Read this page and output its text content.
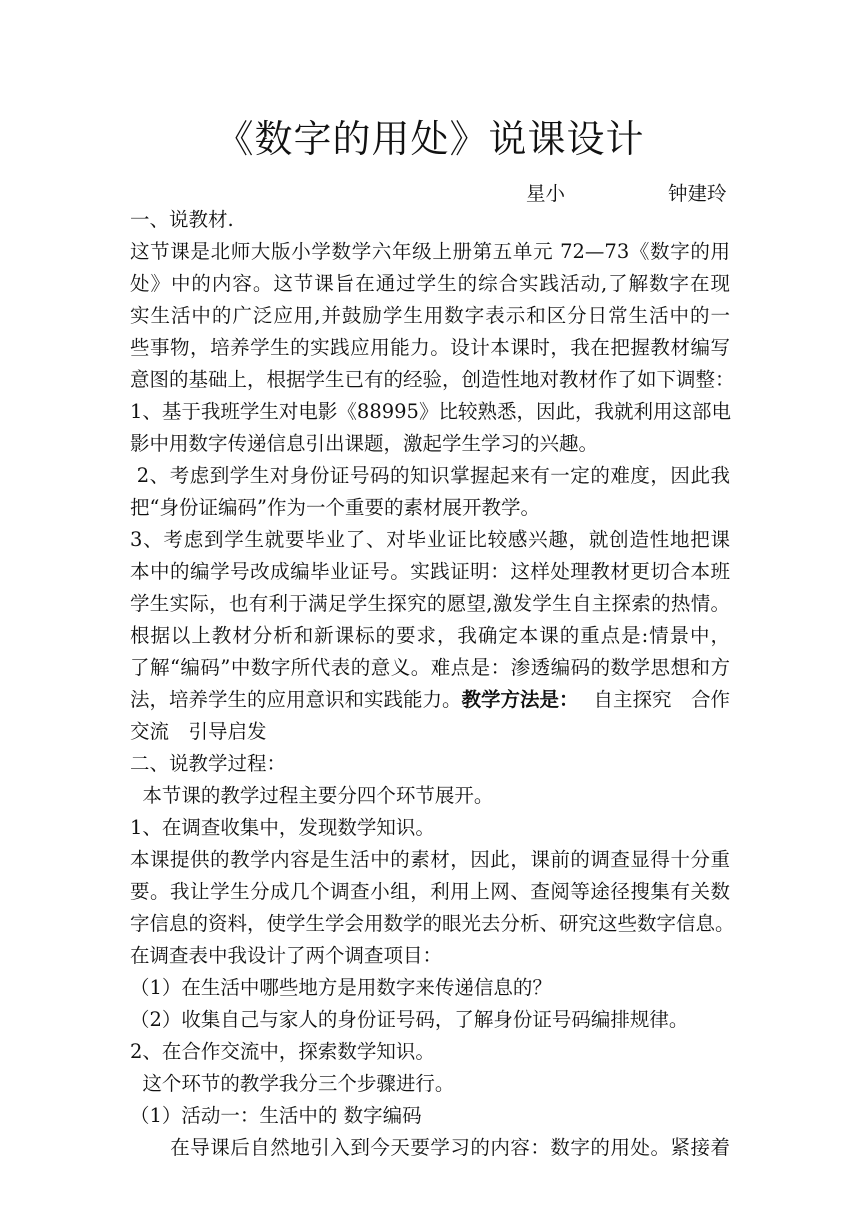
《数字的用处》说课设计
星小	钟建玲
一、说教材.
这节课是北师大版小学数学六年级上册第五单元 72—73《数字的用
处》中的内容。这节课旨在通过学生的综合实践活动,了解数字在现
实生活中的广泛应用,并鼓励学生用数字表示和区分日常生活中的一
些事物，培养学生的实践应用能力。设计本课时，我在把握教材编写
意图的基础上，根据学生已有的经验，创造性地对教材作了如下调整：
1、基于我班学生对电影《88995》比较熟悉，因此，我就利用这部电
影中用数字传递信息引出课题，激起学生学习的兴趣。
2、考虑到学生对身份证号码的知识掌握起来有一定的难度，因此我
把“身份证编码”作为一个重要的素材展开教学。
3、考虑到学生就要毕业了、对毕业证比较感兴趣，就创造性地把课
本中的编学号改成编毕业证号。实践证明：这样处理教材更切合本班
学生实际，也有利于满足学生探究的愿望,激发学生自主探索的热情。
根据以上教材分析和新课标的要求，我确定本课的重点是:情景中，
了解“编码”中数字所代表的意义。难点是：渗透编码的数学思想和方
法，培养学生的应用意识和实践能力。 教学方法是： 自主探究　合作
交流　引导启发
二、说教学过程：
本节课的教学过程主要分四个环节展开。
1、在调查收集中，发现数学知识。
本课提供的教学内容是生活中的素材，因此，课前的调查显得十分重
要。我让学生分成几个调查小组，利用上网、查阅等途径搜集有关数
字信息的资料，使学生学会用数学的眼光去分析、研究这些数字信息。
在调查表中我设计了两个调查项目：
（1）在生活中哪些地方是用数字来传递信息的？
（2）收集自己与家人的身份证号码，了解身份证号码编排规律。
2、在合作交流中，探索数学知识。
这个环节的教学我分三个步骤进行。
（1）活动一：生活中的 数字编码
在导课后自然地引入到今天要学习的内容：数字的用处。紧接着
